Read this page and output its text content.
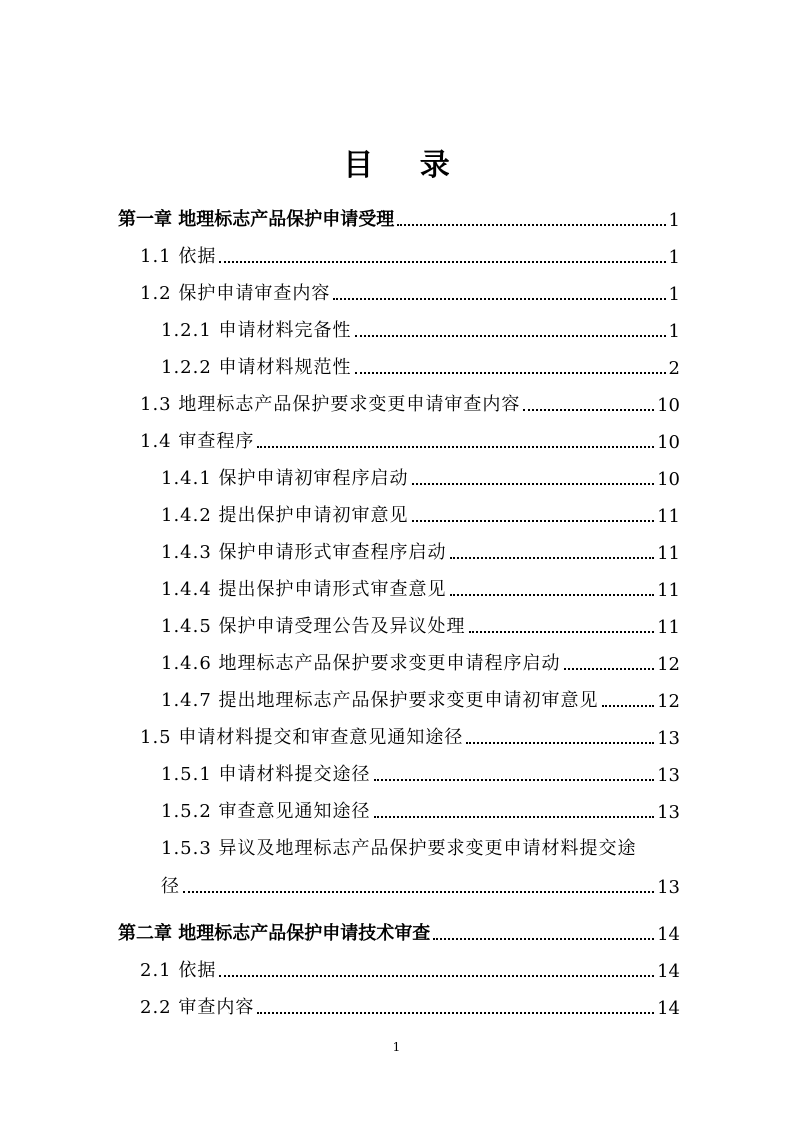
目 录
第一章 地理标志产品保护申请受理	1
1.1 依据	1
1.2 保护申请审查内容	1
1.2.1 申请材料完备性	1
1.2.2 申请材料规范性	2
1.3 地理标志产品保护要求变更申请审查内容	10
1.4 审查程序	10
1.4.1 保护申请初审程序启动	10
1.4.2 提出保护申请初审意见	11
1.4.3 保护申请形式审查程序启动	11
1.4.4 提出保护申请形式审查意见	11
1.4.5 保护申请受理公告及异议处理	11
1.4.6 地理标志产品保护要求变更申请程序启动	12
1.4.7 提出地理标志产品保护要求变更申请初审意见	12
1.5 申请材料提交和审查意见通知途径	13
1.5.1 申请材料提交途径	13
1.5.2 审查意见通知途径	13
1.5.3 异议及地理标志产品保护要求变更申请材料提交途
径	13
第二章 地理标志产品保护申请技术审查	14
2.1 依据	14
2.2 审查内容	14
1
